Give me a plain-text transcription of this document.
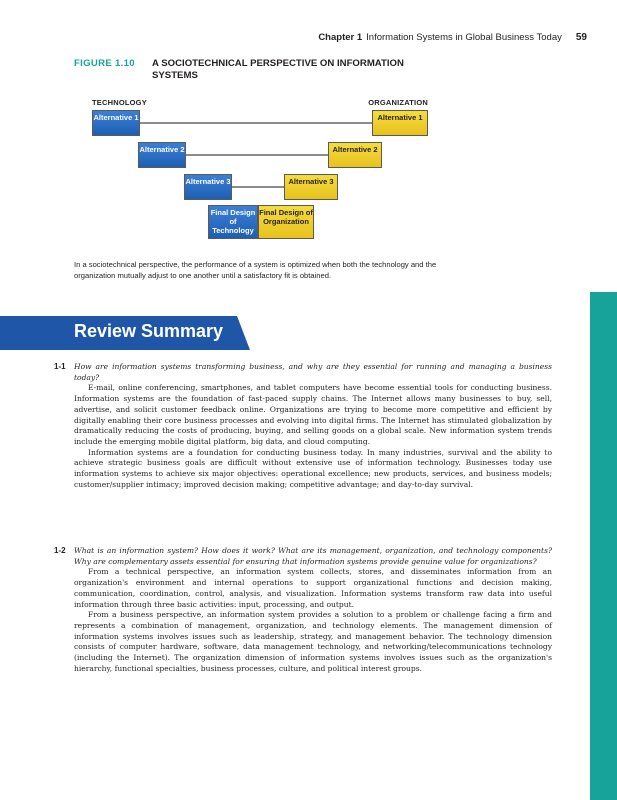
Chapter 1 Information Systems in Global Business Today 59
FIGURE 1.10	A SOCIOTECHNICAL PERSPECTIVE ON INFORMATION SYSTEMS
TECHNOLOGY	ORGANIZATION
Alternative 1
Alternative 2
Alternative 3
Final Design of Technology
Alternative 1
Alternative 2
Alternative 3
Final Design of Organization
In a sociotechnical perspective, the performance of a system is optimized when both the technology and the organization mutually adjust to one another until a satisfactory fit is obtained.
Review Summary
1-1 How are information systems transforming business, and why are they essential for running and managing a business today?

E-mail, online conferencing, smartphones, and tablet computers have become essential tools for conducting business. Information systems are the foundation of fast-paced supply chains. The Internet allows many businesses to buy, sell, advertise, and solicit customer feedback online. Organizations are trying to become more competitive and efficient by digitally enabling their core business processes and evolving into digital firms. The Internet has stimulated globalization by dramatically reducing the costs of producing, buying, and selling goods on a global scale. New information system trends include the emerging mobile digital platform, big data, and cloud computing.

Information systems are a foundation for conducting business today. In many industries, survival and the ability to achieve strategic business goals are difficult without extensive use of information technology. Businesses today use information systems to achieve six major objectives: operational excellence; new products, services, and business models; customer/supplier intimacy; improved decision making; competitive advantage; and day-to-day survival.

1-2 What is an information system? How does it work? What are its management, organization, and technology components? Why are complementary assets essential for ensuring that information systems provide genuine value for organizations?

From a technical perspective, an information system collects, stores, and disseminates information from an organization's environment and internal operations to support organizational functions and decision making, communication, coordination, control, analysis, and visualization. Information systems transform raw data into useful information through three basic activities: input, processing, and output.

From a business perspective, an information system provides a solution to a problem or challenge facing a firm and represents a combination of management, organization, and technology elements. The management dimension of information systems involves issues such as leadership, strategy, and management behavior. The technology dimension consists of computer hardware, software, data management technology, and networking/telecommunications technology (including the Internet). The organization dimension of information systems involves issues such as the organization's hierarchy, functional specialties, business processes, culture, and political interest groups.
